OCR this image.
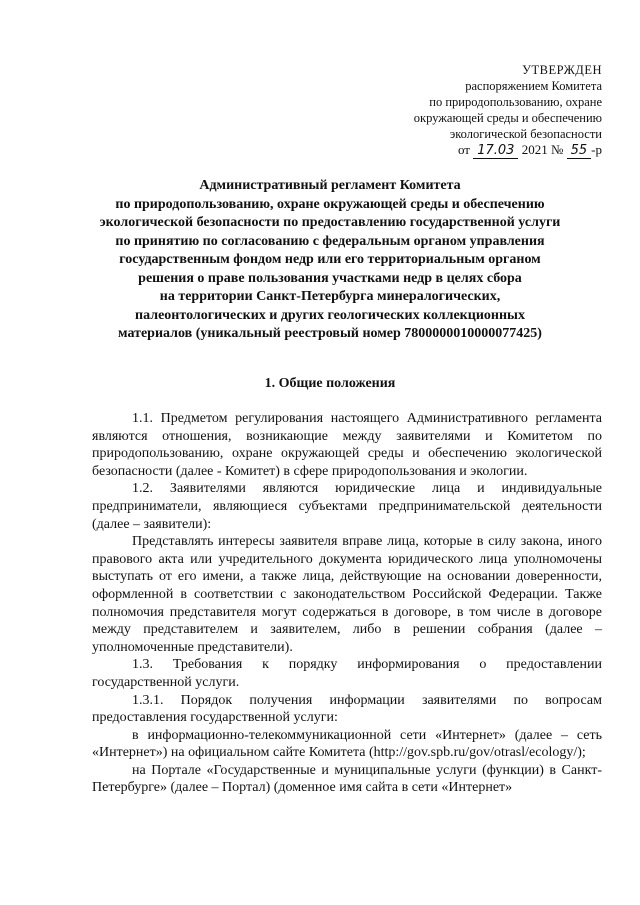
УТВЕРЖДЕН
распоряжением Комитета
по природопользованию, охране
окружающей среды и обеспечению
экологической безопасности
от 17.03 2021 № 55 -р
Административный регламент Комитета
по природопользованию, охране окружающей среды и обеспечению
экологической безопасности по предоставлению государственной услуги
по принятию по согласованию с федеральным органом управления
государственным фондом недр или его территориальным органом
решения о праве пользования участками недр в целях сбора
на территории Санкт-Петербурга минералогических,
палеонтологических и других геологических коллекционных
материалов (уникальный реестровый номер 7800000010000077425)
1. Общие положения

1.1. Предметом регулирования настоящего Административного регламента являются отношения, возникающие между заявителями и Комитетом по природопользованию, охране окружающей среды и обеспечению экологической безопасности (далее - Комитет) в сфере природопользования и экологии.

1.2. Заявителями являются юридические лица и индивидуальные предприниматели, являющиеся субъектами предпринимательской деятельности (далее – заявители):

Представлять интересы заявителя вправе лица, которые в силу закона, иного правового акта или учредительного документа юридического лица уполномочены выступать от его имени, а также лица, действующие на основании доверенности, оформленной в соответствии с законодательством Российской Федерации. Также полномочия представителя могут содержаться в договоре, в том числе в договоре между представителем и заявителем, либо в решении собрания (далее – уполномоченные представители).

1.3. Требования к порядку информирования о предоставлении государственной услуги.

1.3.1. Порядок получения информации заявителями по вопросам предоставления государственной услуги:

в информационно-телекоммуникационной сети «Интернет» (далее – сеть «Интернет») на официальном сайте Комитета (http://gov.spb.ru/gov/otrasl/ecology/);

на Портале «Государственные и муниципальные услуги (функции) в Санкт-Петербурге» (далее – Портал) (доменное имя сайта в сети «Интернет»
